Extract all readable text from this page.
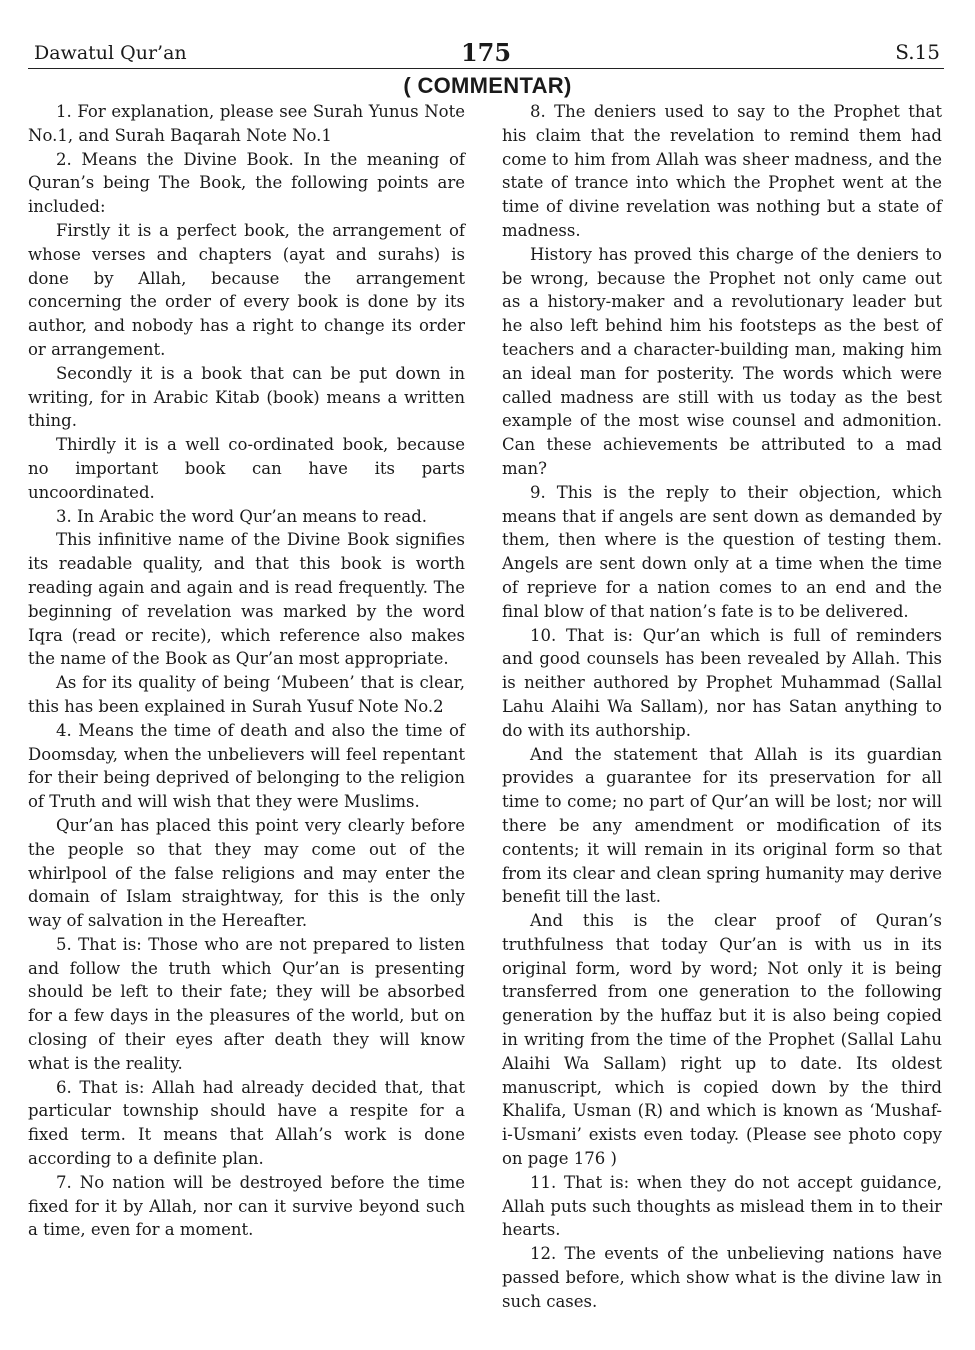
Dawatul Qur’an	175	S.15
( COMMENTAR)

1. For explanation, please see Surah Yunus Note No.1, and Surah Baqarah Note No.1

2. Means the Divine Book. In the meaning of Quran’s being The Book, the following points are included:

Firstly it is a perfect book, the arrangement of whose verses and chapters (ayat and surahs) is done by Allah, because the arrangement concerning the order of every book is done by its author, and nobody has a right to change its order or arrangement.

Secondly it is a book that can be put down in writing, for in Arabic Kitab (book) means a written thing.

Thirdly it is a well co-ordinated book, because no important book can have its parts uncoordinated.

3. In Arabic the word Qur’an means to read.

This infinitive name of the Divine Book signifies its readable quality, and that this book is worth reading again and again and is read frequently. The beginning of revelation was marked by the word Iqra (read or recite), which reference also makes the name of the Book as Qur’an most appropriate.

As for its quality of being ‘Mubeen’ that is clear, this has been explained in Surah Yusuf Note No.2

4. Means the time of death and also the time of Doomsday, when the unbelievers will feel repentant for their being deprived of belonging to the religion of Truth and will wish that they were Muslims.

Qur’an has placed this point very clearly before the people so that they may come out of the whirlpool of the false religions and may enter the domain of Islam straightway, for this is the only way of salvation in the Hereafter.

5. That is: Those who are not prepared to listen and follow the truth which Qur’an is presenting should be left to their fate; they will be absorbed for a few days in the pleasures of the world, but on closing of their eyes after death they will know what is the reality.

6. That is: Allah had already decided that, that particular township should have a respite for a fixed term. It means that Allah’s work is done according to a definite plan.

7. No nation will be destroyed before the time fixed for it by Allah, nor can it survive beyond such a time, even for a moment.

8. The deniers used to say to the Prophet that his claim that the revelation to remind them had come to him from Allah was sheer madness, and the state of trance into which the Prophet went at the time of divine revelation was nothing but a state of madness.

History has proved this charge of the deniers to be wrong, because the Prophet not only came out as a history-maker and a revolutionary leader but he also left behind him his footsteps as the best of teachers and a character-building man, making him an ideal man for posterity. The words which were called madness are still with us today as the best example of the most wise counsel and admonition. Can these achievements be attributed to a mad man?

9. This is the reply to their objection, which means that if angels are sent down as demanded by them, then where is the question of testing them. Angels are sent down only at a time when the time of reprieve for a nation comes to an end and the final blow of that nation’s fate is to be delivered.

10. That is: Qur’an which is full of reminders and good counsels has been revealed by Allah. This is neither authored by Prophet Muhammad (Sallal Lahu Alaihi Wa Sallam), nor has Satan anything to do with its authorship.

And the statement that Allah is its guardian provides a guarantee for its preservation for all time to come; no part of Qur’an will be lost; nor will there be any amendment or modification of its contents; it will remain in its original form so that from its clear and clean spring humanity may derive benefit till the last.

And this is the clear proof of Quran’s truthfulness that today Qur’an is with us in its original form, word by word; Not only it is being transferred from one generation to the following generation by the huffaz but it is also being copied in writing from the time of the Prophet (Sallal Lahu Alaihi Wa Sallam) right up to date. Its oldest manuscript, which is copied down by the third Khalifa, Usman (R) and which is known as ‘Mushaf-i-Usmani’ exists even today. (Please see photo copy on page 176 )

11. That is: when they do not accept guidance, Allah puts such thoughts as mislead them in to their hearts.

12. The events of the unbelieving nations have passed before, which show what is the divine law in such cases.
